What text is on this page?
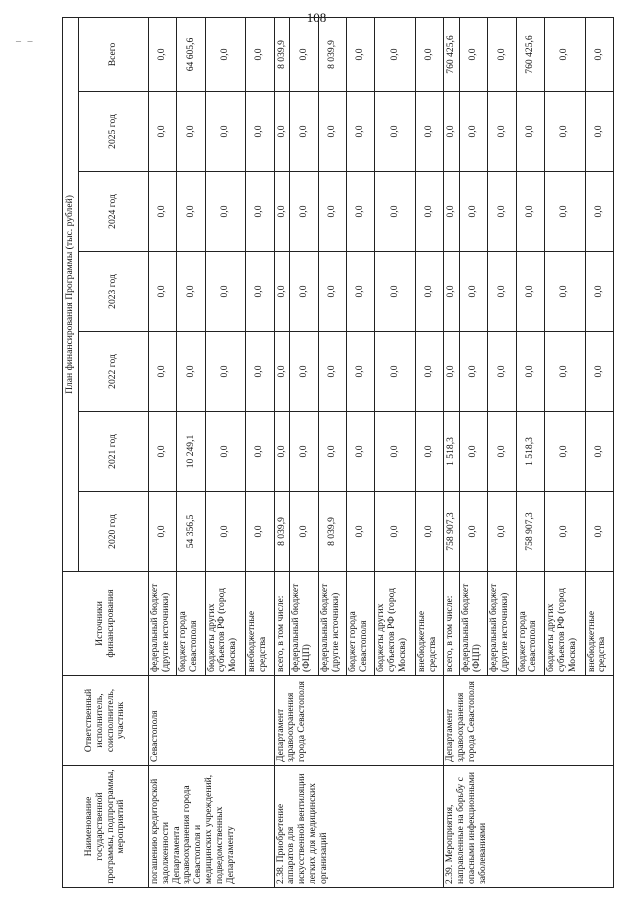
108
– –
Наименование государственной программы, подпрограммы, мероприятий	Ответственный исполнитель, соисполнитель, участник	Источники финансирования	План финансирования Программы (тыс. рублей)						
			2020 год	2021 год	2022 год	2023 год	2024 год	2025 год	Всего
погашению кредиторской задолженности Департамента здравоохранения города Севастополя и медицинских учреждений, подведомственных Департаменту	Севастополя	федеральный бюджет (другие источники)	0,0	0,0	0,0	0,0	0,0	0,0	0,0
		бюджет города Севастополя	54 356,5	10 249,1	0,0	0,0	0,0	0,0	64 605,6
		бюджеты других субъектов РФ (город Москва)	0,0	0,0	0,0	0,0	0,0	0,0	0,0
		внебюджетные средства	0,0	0,0	0,0	0,0	0,0	0,0	0,0
2.38. Приобретение аппаратов для искусственной вентиляции легких для медицинских организаций	Департамент здравоохранения города Севастополя	всего, в том числе:	8 039,9	0,0	0,0	0,0	0,0	0,0	8 039,9
		федеральный бюджет (ФЦП)	0,0	0,0	0,0	0,0	0,0	0,0	0,0
		федеральный бюджет (другие источники)	8 039,9	0,0	0,0	0,0	0,0	0,0	8 039,9
		бюджет города Севастополя	0,0	0,0	0,0	0,0	0,0	0,0	0,0
		бюджеты других субъектов РФ (город Москва)	0,0	0,0	0,0	0,0	0,0	0,0	0,0
		внебюджетные средства	0,0	0,0	0,0	0,0	0,0	0,0	0,0
2.39. Мероприятия, направленные на борьбу с опасными инфекционными заболеваниями	Департамент здравоохранения города Севастополя	всего, в том числе:	758 907,3	1 518,3	0,0	0,0	0,0	0,0	760 425,6
		федеральный бюджет (ФЦП)	0,0	0,0	0,0	0,0	0,0	0,0	0,0
		федеральный бюджет (другие источники)	0,0	0,0	0,0	0,0	0,0	0,0	0,0
		бюджет города Севастополя	758 907,3	1 518,3	0,0	0,0	0,0	0,0	760 425,6
		бюджеты других субъектов РФ (город Москва)	0,0	0,0	0,0	0,0	0,0	0,0	0,0
		внебюджетные средства	0,0	0,0	0,0	0,0	0,0	0,0	0,0
